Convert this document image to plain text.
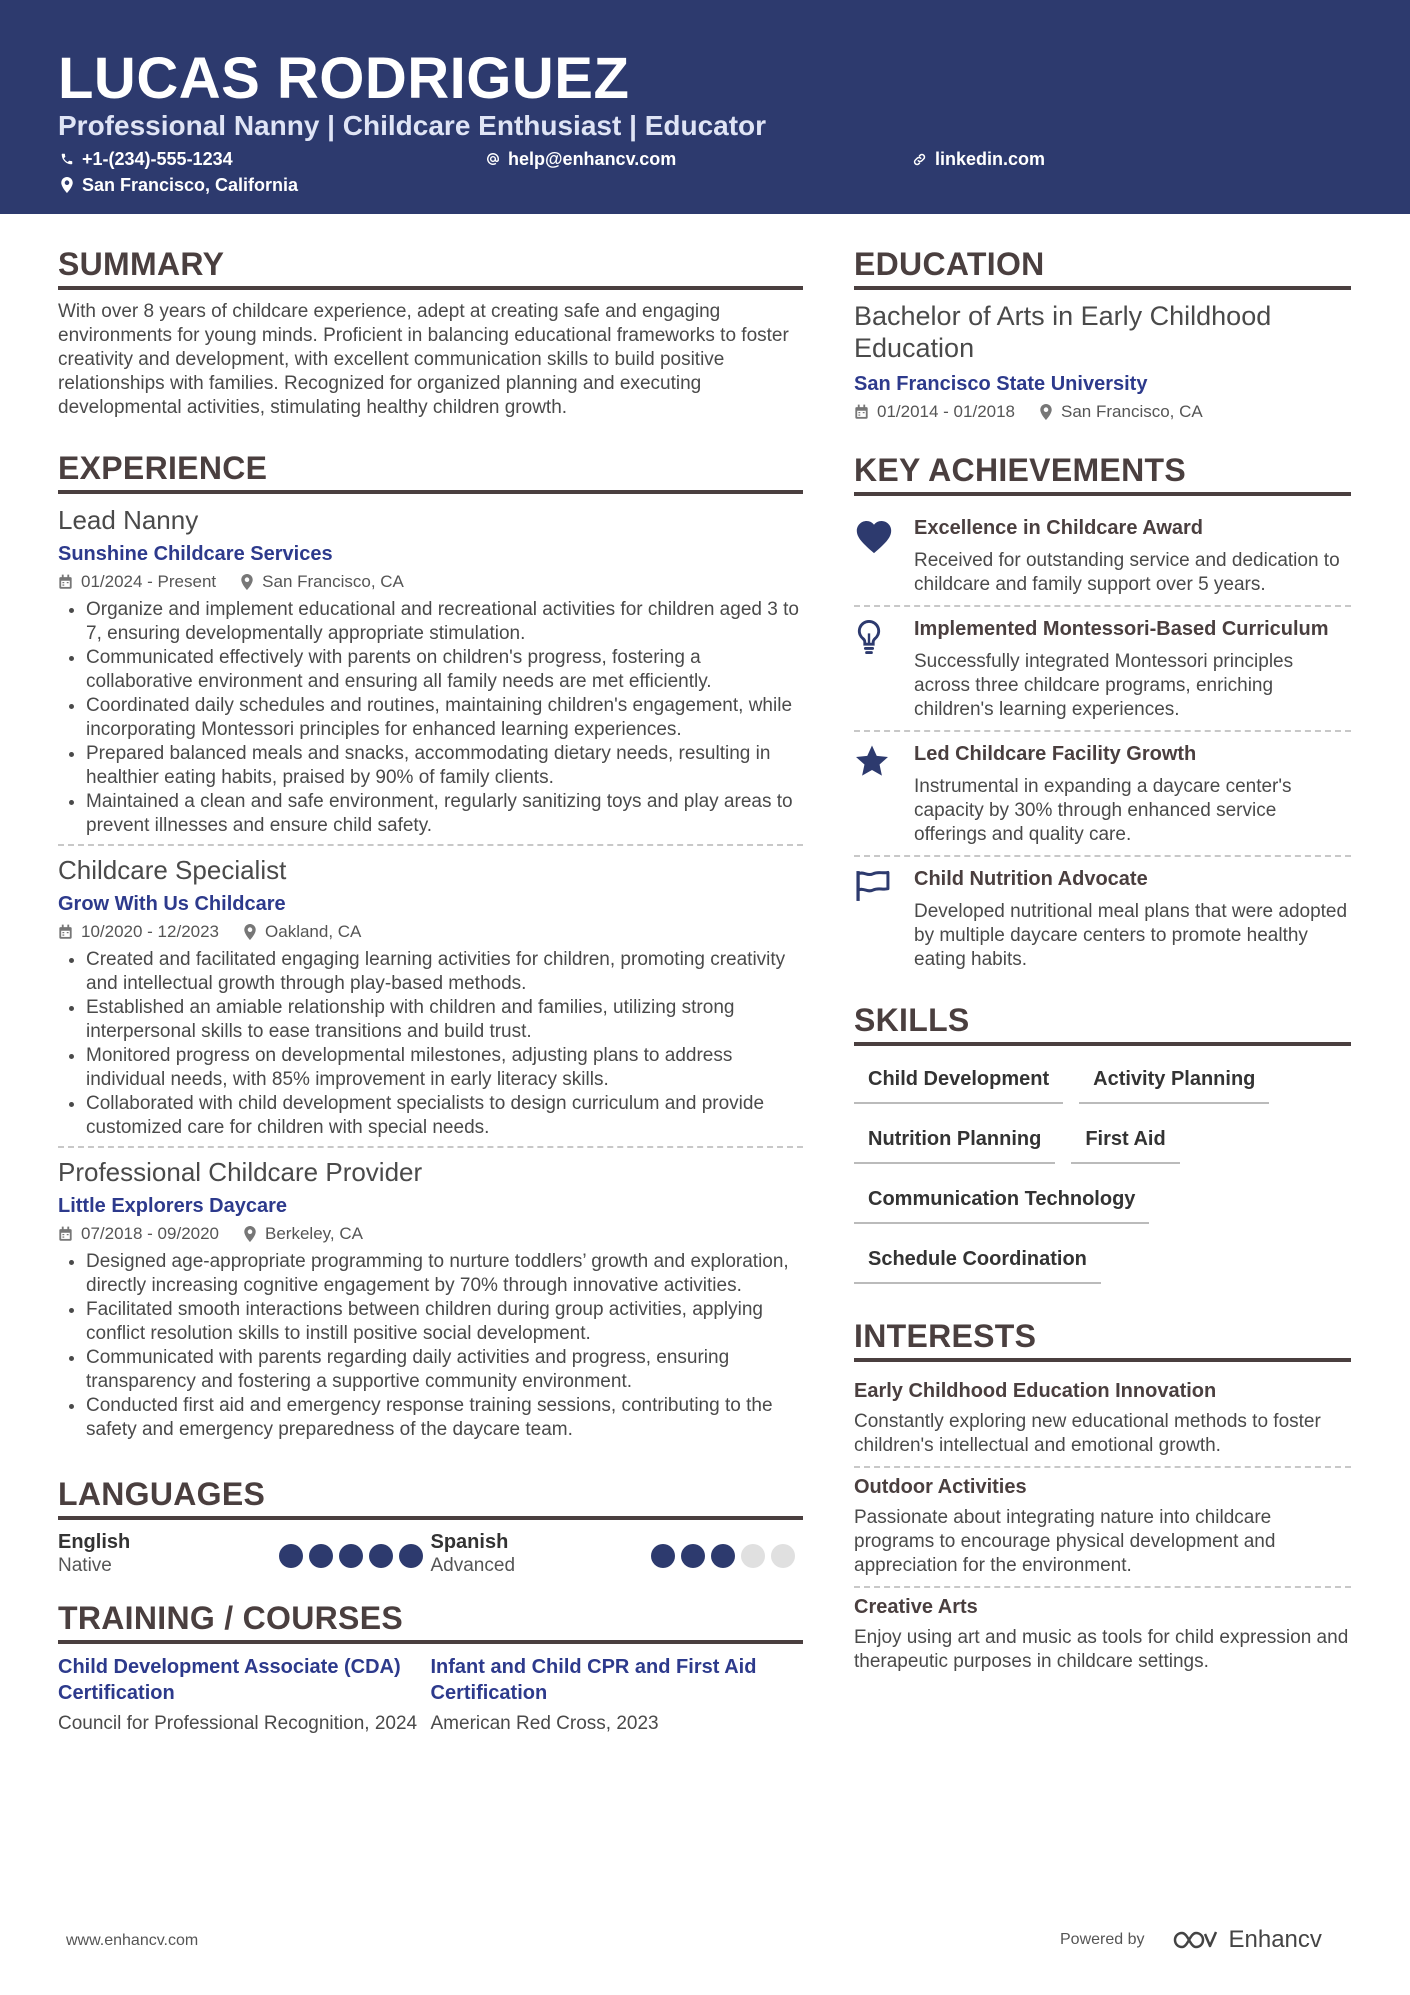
LUCAS RODRIGUEZ
Professional Nanny | Childcare Enthusiast | Educator
+1-(234)-555-1234	help@enhancv.com	linkedin.com
San Francisco, California
SUMMARY
With over 8 years of childcare experience, adept at creating safe and engaging environments for young minds. Proficient in balancing educational frameworks to foster creativity and development, with excellent communication skills to build positive relationships with families. Recognized for organized planning and executing developmental activities, stimulating healthy children growth.
EXPERIENCE
Lead Nanny
Sunshine Childcare Services
01/2024 - Present	San Francisco, CA
• Organize and implement educational and recreational activities for children aged 3 to 7, ensuring developmentally appropriate stimulation.
• Communicated effectively with parents on children's progress, fostering a collaborative environment and ensuring all family needs are met efficiently.
• Coordinated daily schedules and routines, maintaining children's engagement, while incorporating Montessori principles for enhanced learning experiences.
• Prepared balanced meals and snacks, accommodating dietary needs, resulting in healthier eating habits, praised by 90% of family clients.
• Maintained a clean and safe environment, regularly sanitizing toys and play areas to prevent illnesses and ensure child safety.
Childcare Specialist
Grow With Us Childcare
10/2020 - 12/2023	Oakland, CA
• Created and facilitated engaging learning activities for children, promoting creativity and intellectual growth through play-based methods.
• Established an amiable relationship with children and families, utilizing strong interpersonal skills to ease transitions and build trust.
• Monitored progress on developmental milestones, adjusting plans to address individual needs, with 85% improvement in early literacy skills.
• Collaborated with child development specialists to design curriculum and provide customized care for children with special needs.
Professional Childcare Provider
Little Explorers Daycare
07/2018 - 09/2020	Berkeley, CA
• Designed age-appropriate programming to nurture toddlers’ growth and exploration, directly increasing cognitive engagement by 70% through innovative activities.
• Facilitated smooth interactions between children during group activities, applying conflict resolution skills to instill positive social development.
• Communicated with parents regarding daily activities and progress, ensuring transparency and fostering a supportive community environment.
• Conducted first aid and emergency response training sessions, contributing to the safety and emergency preparedness of the daycare team.
LANGUAGES
English
Native
Spanish
Advanced
TRAINING / COURSES
Child Development Associate (CDA) Certification
Council for Professional Recognition, 2024
Infant and Child CPR and First Aid Certification
American Red Cross, 2023
EDUCATION
Bachelor of Arts in Early Childhood Education
San Francisco State University
01/2014 - 01/2018	San Francisco, CA
KEY ACHIEVEMENTS
Excellence in Childcare Award
Received for outstanding service and dedication to childcare and family support over 5 years.
Implemented Montessori-Based Curriculum
Successfully integrated Montessori principles across three childcare programs, enriching children's learning experiences.
Led Childcare Facility Growth
Instrumental in expanding a daycare center's capacity by 30% through enhanced service offerings and quality care.
Child Nutrition Advocate
Developed nutritional meal plans that were adopted by multiple daycare centers to promote healthy eating habits.
SKILLS
Child Development	Activity Planning
Nutrition Planning	First Aid
Communication Technology
Schedule Coordination
INTERESTS
Early Childhood Education Innovation
Constantly exploring new educational methods to foster children's intellectual and emotional growth.
Outdoor Activities
Passionate about integrating nature into childcare programs to encourage physical development and appreciation for the environment.
Creative Arts
Enjoy using art and music as tools for child expression and therapeutic purposes in childcare settings.
www.enhancv.com	Powered by	Enhancv
